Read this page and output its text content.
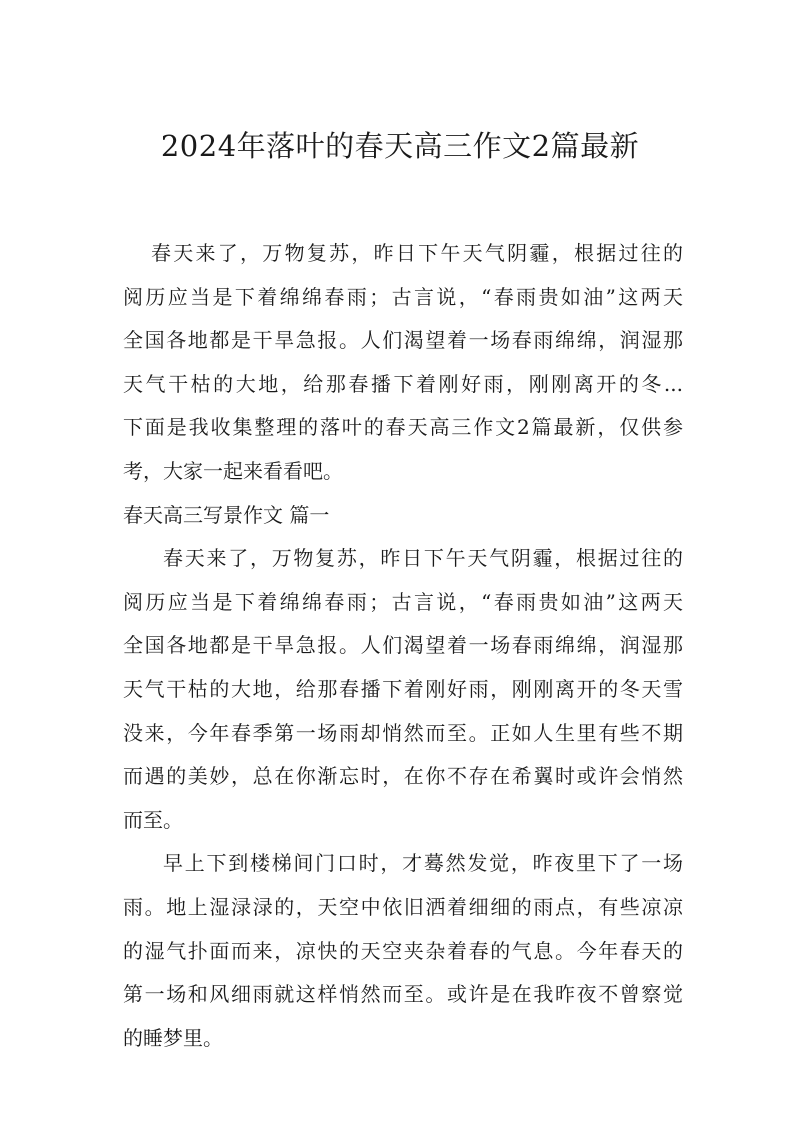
2024年落叶的春天高三作文2篇最新

春天来了，万物复苏，昨日下午天气阴霾，根据过往的
阅历应当是下着绵绵春雨；古言说，“春雨贵如油”这两天
全国各地都是干旱急报。人们渴望着一场春雨绵绵，润湿那
天气干枯的大地，给那春播下着刚好雨，刚刚离开的冬...
下面是我收集整理的落叶的春天高三作文2篇最新，仅供参
考，大家一起来看看吧。

春天高三写景作文 篇一

春天来了，万物复苏，昨日下午天气阴霾，根据过往的
阅历应当是下着绵绵春雨；古言说，“春雨贵如油”这两天
全国各地都是干旱急报。人们渴望着一场春雨绵绵，润湿那
天气干枯的大地，给那春播下着刚好雨，刚刚离开的冬天雪
没来，今年春季第一场雨却悄然而至。正如人生里有些不期
而遇的美妙，总在你渐忘时，在你不存在希翼时或许会悄然
而至。

早上下到楼梯间门口时，才蓦然发觉，昨夜里下了一场
雨。地上湿渌渌的，天空中依旧洒着细细的雨点，有些凉凉
的湿气扑面而来，凉快的天空夹杂着春的气息。今年春天的
第一场和风细雨就这样悄然而至。或许是在我昨夜不曾察觉
的睡梦里。
